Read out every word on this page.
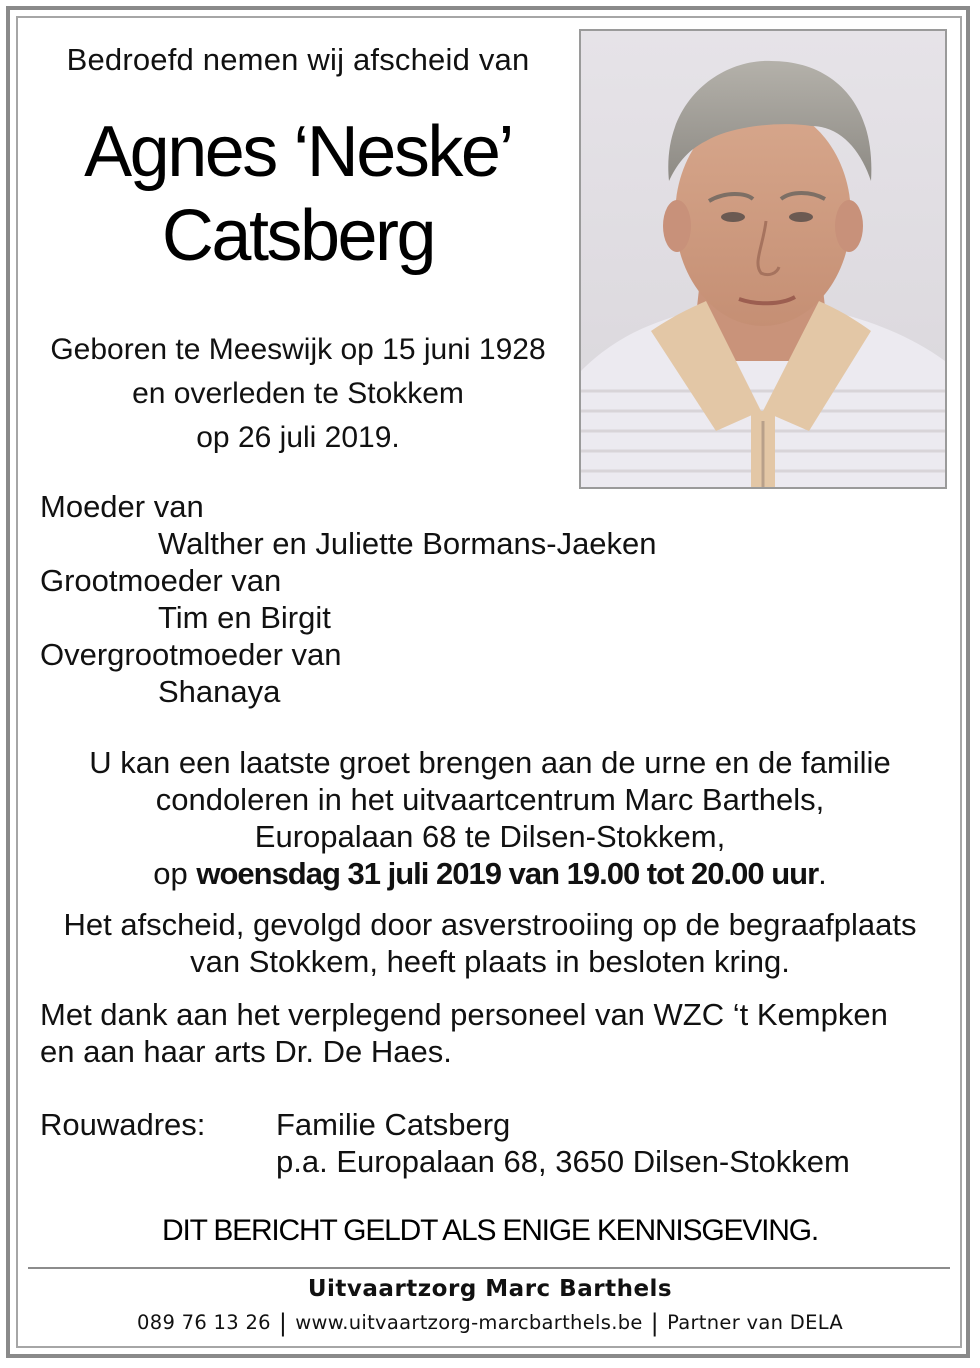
Bedroefd nemen wij afscheid van
Agnes ‘Neske’
Catsberg
Geboren te Meeswijk op 15 juni 1928
en overleden te Stokkem
op 26 juli 2019.
Moeder van
Walther en Juliette Bormans-Jaeken
Grootmoeder van
Tim en Birgit
Overgrootmoeder van
Shanaya
U kan een laatste groet brengen aan de urne en de familie
condoleren in het uitvaartcentrum Marc Barthels,
Europalaan 68 te Dilsen-Stokkem,
op woensdag 31 juli 2019 van 19.00 tot 20.00 uur.
Het afscheid, gevolgd door asverstrooiing op de begraafplaats
van Stokkem, heeft plaats in besloten kring.
Met dank aan het verplegend personeel van WZC ‘t Kempken
en aan haar arts Dr. De Haes.
Rouwadres: Familie Catsberg
p.a. Europalaan 68, 3650 Dilsen-Stokkem
DIT BERICHT GELDT ALS ENIGE KENNISGEVING.
Uitvaartzorg Marc Barthels
089 76 13 26 | www.uitvaartzorg-marcbarthels.be | Partner van DELA
